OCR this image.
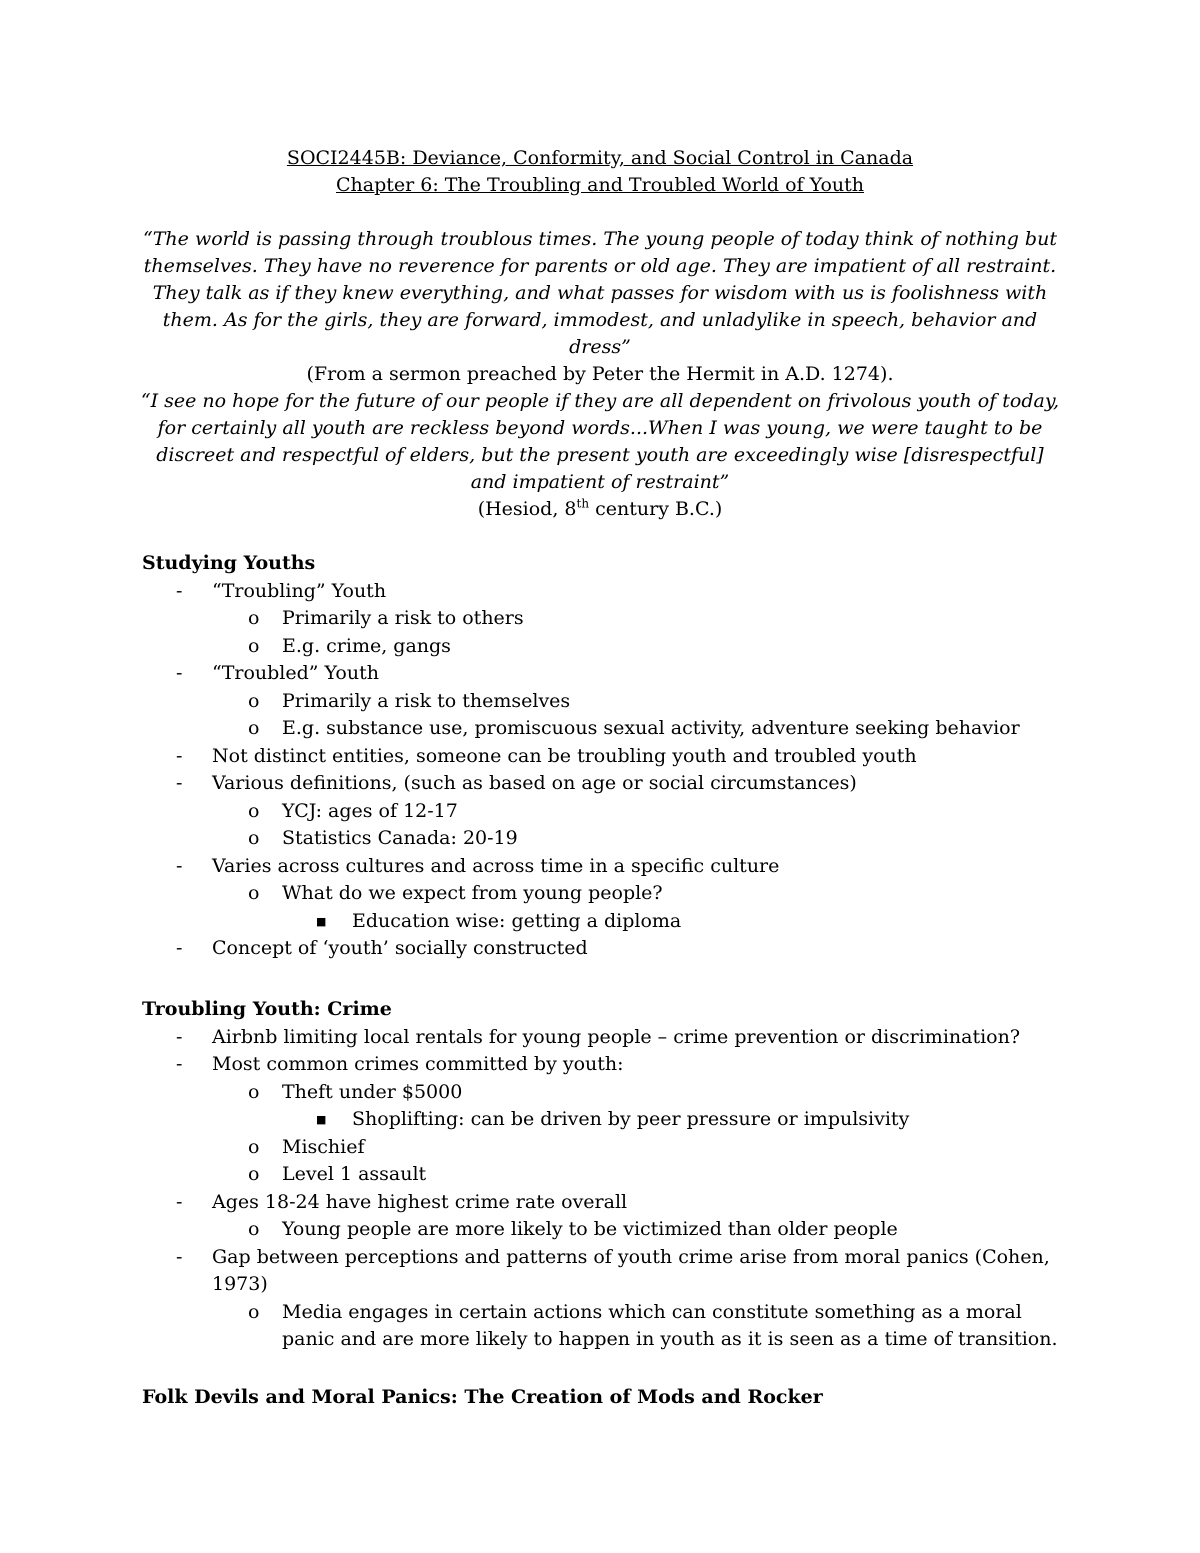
SOCI2445B: Deviance, Conformity, and Social Control in Canada
Chapter 6: The Troubling and Troubled World of Youth
“The world is passing through troublous times. The young people of today think of nothing but themselves. They have no reverence for parents or old age. They are impatient of all restraint. They talk as if they knew everything, and what passes for wisdom with us is foolishness with them. As for the girls, they are forward, immodest, and unladylike in speech, behavior and dress”
(From a sermon preached by Peter the Hermit in A.D. 1274).
“I see no hope for the future of our people if they are all dependent on frivolous youth of today, for certainly all youth are reckless beyond words...When I was young, we were taught to be discreet and respectful of elders, but the present youth are exceedingly wise [disrespectful] and impatient of restraint”
(Hesiod, 8th century B.C.)
Studying Youths
- “Troubling” Youth
o Primarily a risk to others
o E.g. crime, gangs
- “Troubled” Youth
o Primarily a risk to themselves
o E.g. substance use, promiscuous sexual activity, adventure seeking behavior
- Not distinct entities, someone can be troubling youth and troubled youth
- Various definitions, (such as based on age or social circumstances)
o YCJ: ages of 12-17
o Statistics Canada: 20-19
- Varies across cultures and across time in a specific culture
o What do we expect from young people?
■ Education wise: getting a diploma
- Concept of ‘youth’ socially constructed
Troubling Youth: Crime
- Airbnb limiting local rentals for young people – crime prevention or discrimination?
- Most common crimes committed by youth:
o Theft under $5000
■ Shoplifting: can be driven by peer pressure or impulsivity
o Mischief
o Level 1 assault
- Ages 18-24 have highest crime rate overall
o Young people are more likely to be victimized than older people
- Gap between perceptions and patterns of youth crime arise from moral panics (Cohen, 1973)
o Media engages in certain actions which can constitute something as a moral panic and are more likely to happen in youth as it is seen as a time of transition.
Folk Devils and Moral Panics: The Creation of Mods and Rocker
